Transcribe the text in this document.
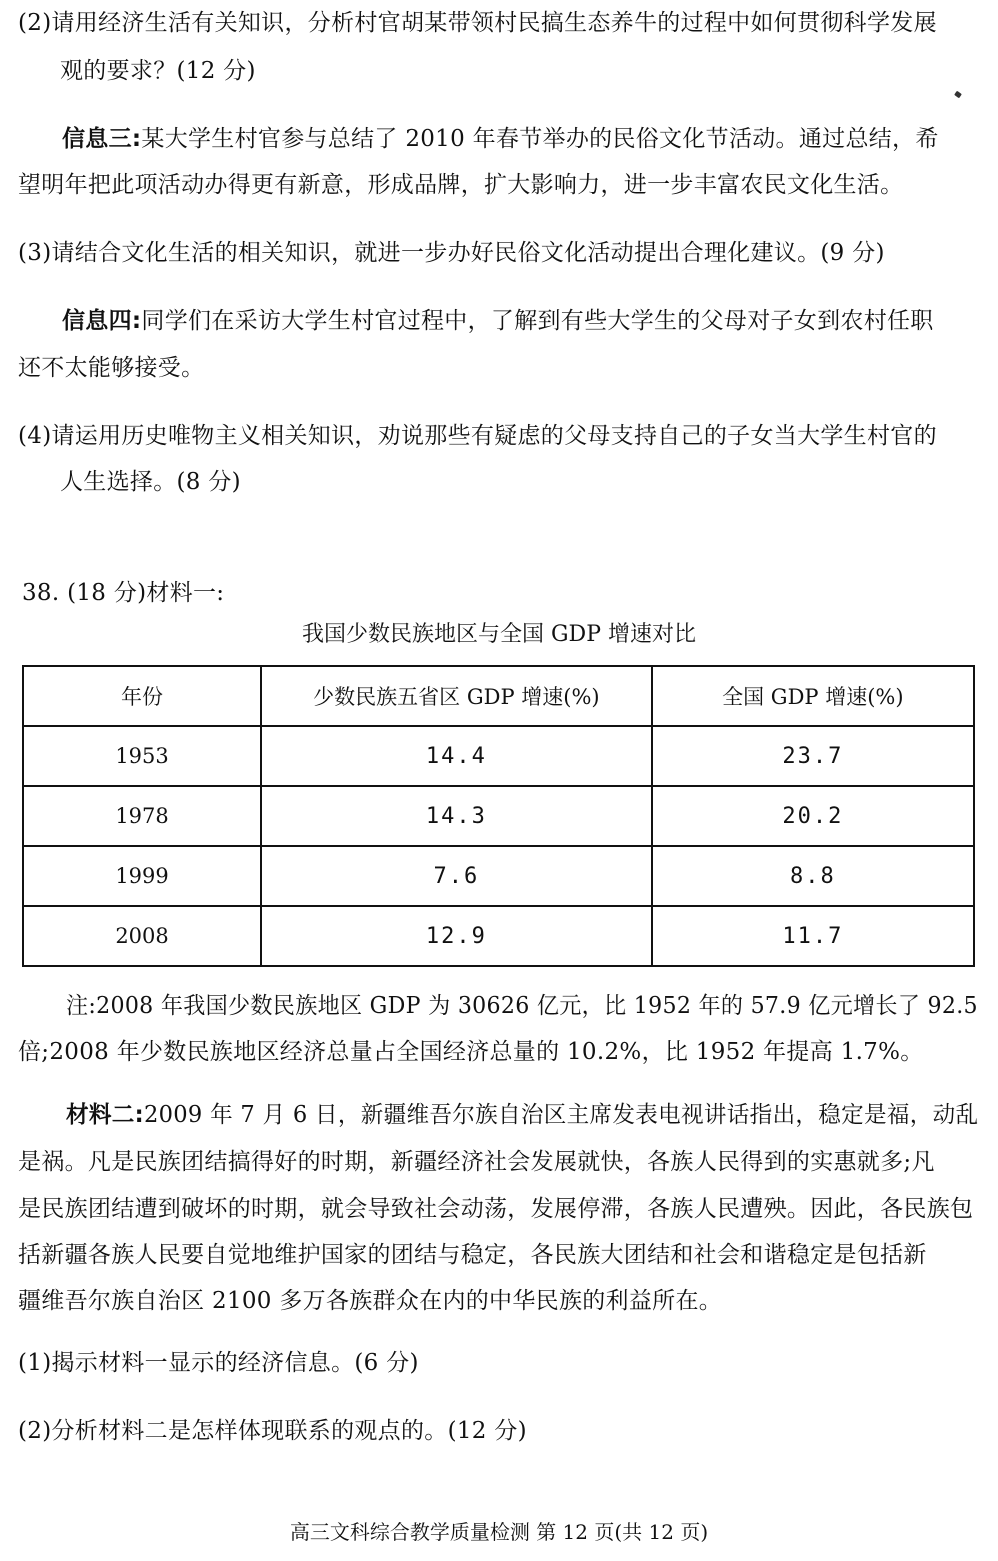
(2)请用经济生活有关知识，分析村官胡某带领村民搞生态养牛的过程中如何贯彻科学发展
观的要求？(12 分)
信息三:某大学生村官参与总结了 2010 年春节举办的民俗文化节活动。通过总结，希
望明年把此项活动办得更有新意，形成品牌，扩大影响力，进一步丰富农民文化生活。
(3)请结合文化生活的相关知识，就进一步办好民俗文化活动提出合理化建议。(9 分)
信息四:同学们在采访大学生村官过程中，了解到有些大学生的父母对子女到农村任职
还不太能够接受。
(4)请运用历史唯物主义相关知识，劝说那些有疑虑的父母支持自己的子女当大学生村官的
人生选择。(8 分)
38. (18 分)材料一:
我国少数民族地区与全国 GDP 增速对比
年份	少数民族五省区 GDP 增速(%)	全国 GDP 增速(%)
1953	14.4	23.7
1978	14.3	20.2
1999	7.6	8.8
2008	12.9	11.7
注:2008 年我国少数民族地区 GDP 为 30626 亿元，比 1952 年的 57.9 亿元增长了 92.5
倍;2008 年少数民族地区经济总量占全国经济总量的 10.2%，比 1952 年提高 1.7%。
材料二:2009 年 7 月 6 日，新疆维吾尔族自治区主席发表电视讲话指出，稳定是福，动乱
是祸。凡是民族团结搞得好的时期，新疆经济社会发展就快，各族人民得到的实惠就多;凡
是民族团结遭到破坏的时期，就会导致社会动荡，发展停滞，各族人民遭殃。因此，各民族包
括新疆各族人民要自觉地维护国家的团结与稳定，各民族大团结和社会和谐稳定是包括新
疆维吾尔族自治区 2100 多万各族群众在内的中华民族的利益所在。
(1)揭示材料一显示的经济信息。(6 分)
(2)分析材料二是怎样体现联系的观点的。(12 分)
高三文科综合教学质量检测 第 12 页(共 12 页)
